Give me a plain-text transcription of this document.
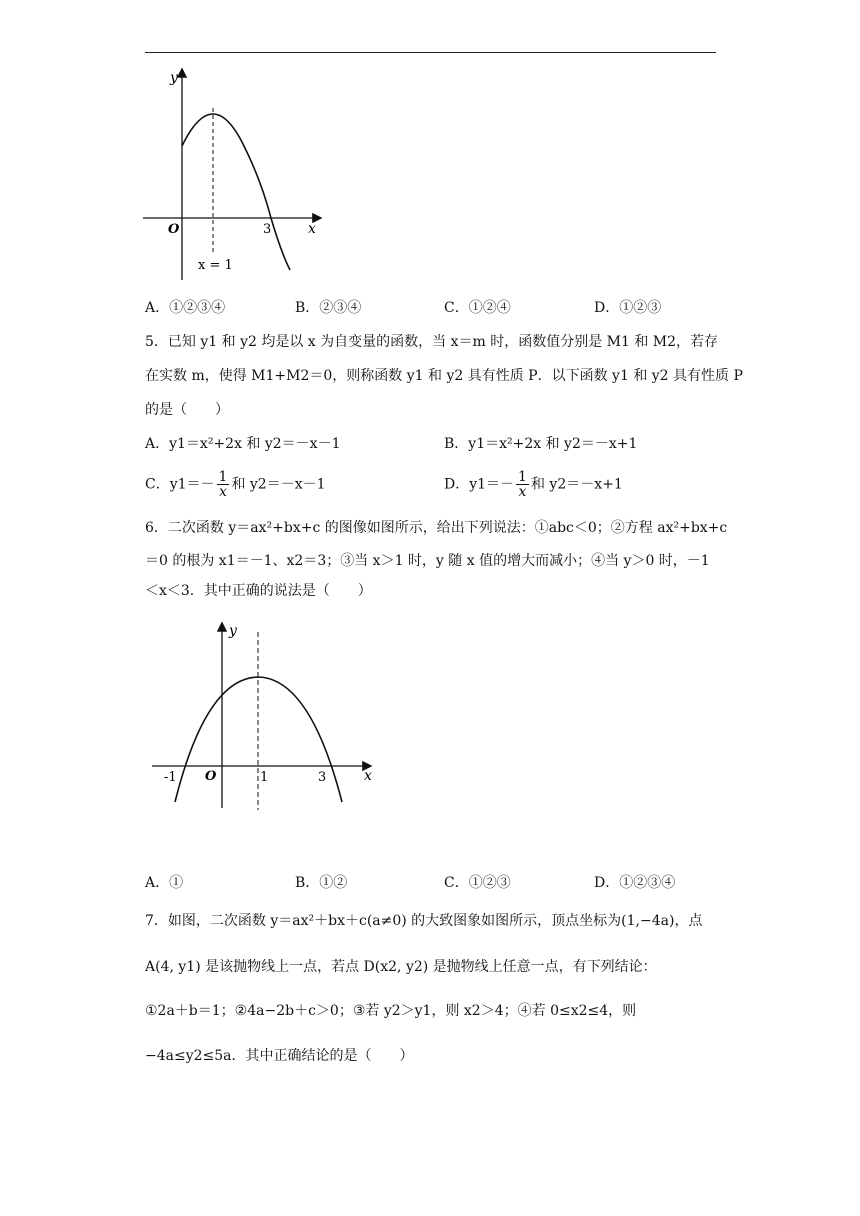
y
x
O	3
x = 1
A．①②③④	B．②③④	C．①②④	D．①②③
5．已知 y1 和 y2 均是以 x 为自变量的函数，当 x＝m 时，函数值分别是 M1 和 M2，若存
在实数 m，使得 M1+M2＝0，则称函数 y1 和 y2 具有性质 P．以下函数 y1 和 y2 具有性质 P
的是（　　）
A．y1＝x²+2x 和 y2＝－x－1	B．y1＝x²+2x 和 y2＝－x+1
C．$y1=- \frac{1}{x}$ 和 y2＝－x－1	D．$y1=- \frac{1}{x}$ 和 y2＝－x+1
6．二次函数 y＝ax²+bx+c 的图像如图所示，给出下列说法：①abc＜0；②方程 ax²+bx+c
＝0 的根为 x1＝－1、x2＝3；③当 x＞1 时，y 随 x 值的增大而减小；④当 y＞0 时，－1
＜x＜3．其中正确的说法是（　　）
y
x
O
-1	1	3
A．①	B．①②	C．①②③	D．①②③④
7．如图，二次函数 y＝ax²＋bx＋c(a≠0) 的大致图象如图所示，顶点坐标为(1,−4a)，点
A(4, y1) 是该抛物线上一点，若点 D(x2, y2) 是抛物线上任意一点，有下列结论：
①2a＋b＝1；②4a−2b＋c＞0；③若 y2＞y1，则 x2＞4；④若 0≤x2≤4，则
−4a≤y2≤5a．其中正确结论的是（　　）
